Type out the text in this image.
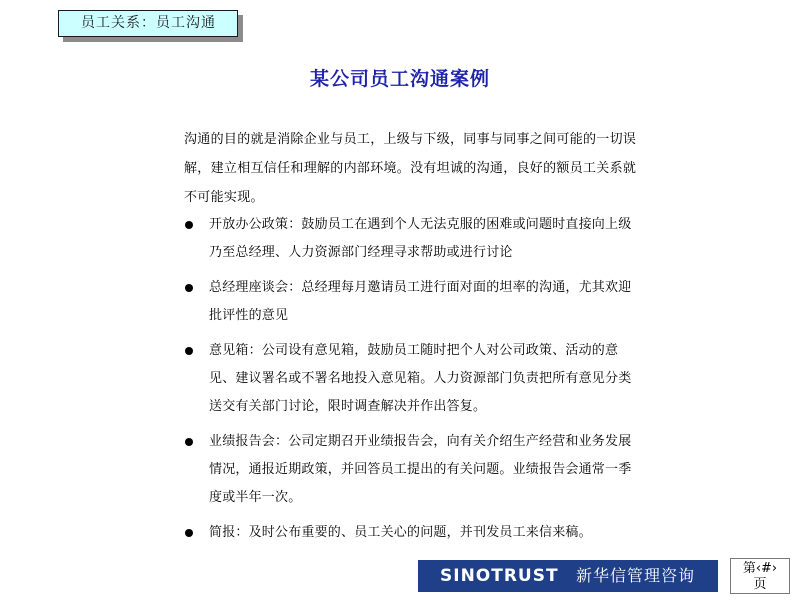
员工关系：员工沟通
某公司员工沟通案例
沟通的目的就是消除企业与员工，上级与下级，同事与同事之间可能的一切误解，建立相互信任和理解的内部环境。没有坦诚的沟通，良好的额员工关系就不可能实现。
开放办公政策：鼓励员工在遇到个人无法克服的困难或问题时直接向上级乃至总经理、人力资源部门经理寻求帮助或进行讨论
总经理座谈会：总经理每月邀请员工进行面对面的坦率的沟通，尤其欢迎批评性的意见
意见箱：公司设有意见箱，鼓励员工随时把个人对公司政策、活动的意见、建议署名或不署名地投入意见箱。人力资源部门负责把所有意见分类送交有关部门讨论，限时调查解决并作出答复。
业绩报告会：公司定期召开业绩报告会，向有关介绍生产经营和业务发展情况，通报近期政策，并回答员工提出的有关问题。业绩报告会通常一季度或半年一次。
简报：及时公布重要的、员工关心的问题，并刊发员工来信来稿。
SINOTRUST 新华信管理咨询	第‹#›
页
